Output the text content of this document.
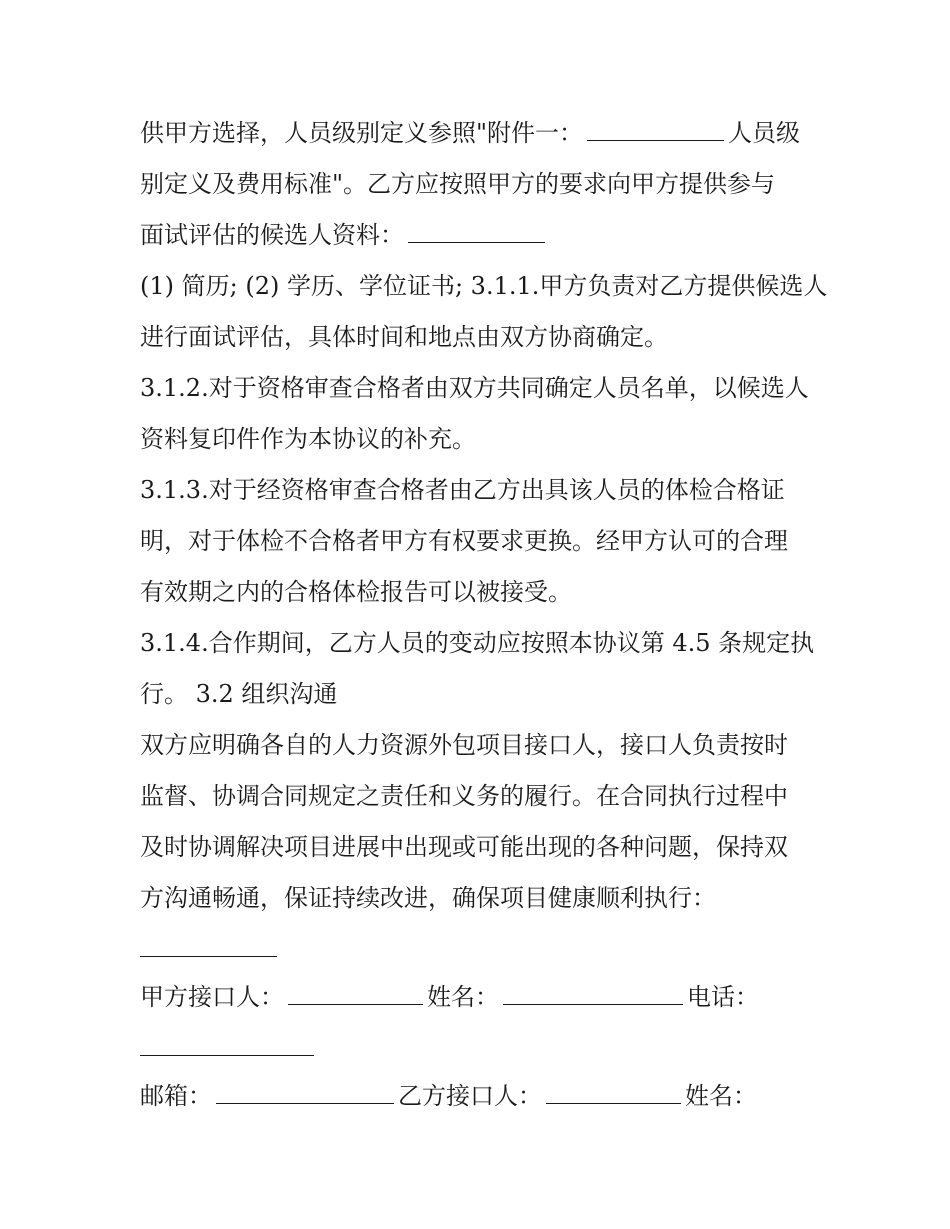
供甲方选择，人员级别定义参照"附件一：	人员级
别定义及费用标准"。乙方应按照甲方的要求向甲方提供参与
面试评估的候选人资料：
(1) 简历; (2) 学历、学位证书; 3.1.1.甲方负责对乙方提供候选人
进行面试评估，具体时间和地点由双方协商确定。
3.1.2.对于资格审查合格者由双方共同确定人员名单，以候选人
资料复印件作为本协议的补充。
3.1.3.对于经资格审查合格者由乙方出具该人员的体检合格证
明，对于体检不合格者甲方有权要求更换。经甲方认可的合理
有效期之内的合格体检报告可以被接受。
3.1.4.合作期间，乙方人员的变动应按照本协议第 4.5 条规定执
行。 3.2 组织沟通
双方应明确各自的人力资源外包项目接口人，接口人负责按时
监督、协调合同规定之责任和义务的履行。在合同执行过程中
及时协调解决项目进展中出现或可能出现的各种问题，保持双
方沟通畅通，保证持续改进，确保项目健康顺利执行：
甲方接口人：	姓名：	电话：
邮箱：	乙方接口人：	姓名：
